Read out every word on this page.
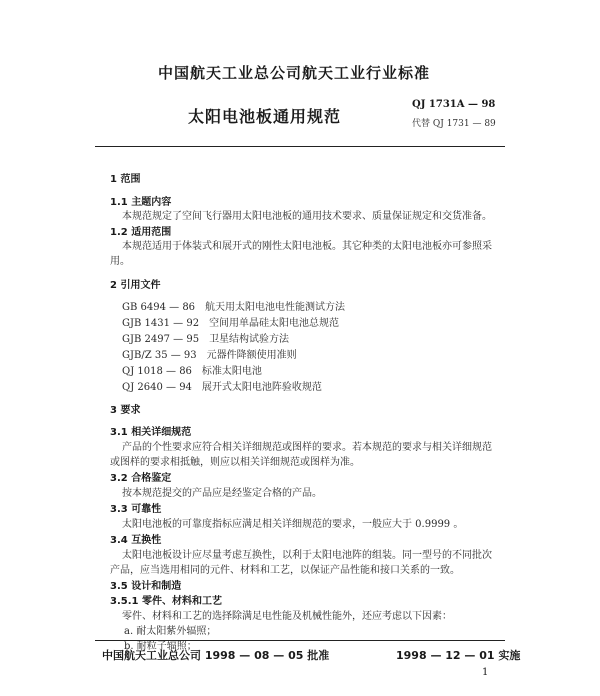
中国航天工业总公司航天工业行业标准
太阳电池板通用规范
QJ 1731A — 98
代替 QJ 1731 — 89
1 范围
1.1 主题内容
本规范规定了空间飞行器用太阳电池板的通用技术要求、质量保证规定和交货准备。
1.2 适用范围
本规范适用于体装式和展开式的刚性太阳电池板。其它种类的太阳电池板亦可参照采
用。
2 引用文件
GB 6494 — 86  航天用太阳电池电性能测试方法
GJB 1431 — 92  空间用单晶硅太阳电池总规范
GJB 2497 — 95  卫星结构试验方法
GJB/Z 35 — 93  元器件降额使用准则
QJ 1018 — 86  标准太阳电池
QJ 2640 — 94  展开式太阳电池阵验收规范
3 要求
3.1 相关详细规范
产品的个性要求应符合相关详细规范或图样的要求。若本规范的要求与相关详细规范
或图样的要求相抵触，则应以相关详细规范或图样为准。
3.2 合格鉴定
按本规范提交的产品应是经鉴定合格的产品。
3.3 可靠性
太阳电池板的可靠度指标应满足相关详细规范的要求，一般应大于 0.9999 。
3.4 互换性
太阳电池板设计应尽量考虑互换性，以利于太阳电池阵的组装。同一型号的不同批次
产品，应当选用相同的元件、材料和工艺，以保证产品性能和接口关系的一致。
3.5 设计和制造
3.5.1 零件、材料和工艺
零件、材料和工艺的选择除满足电性能及机械性能外，还应考虑以下因素：
a. 耐太阳紫外辐照；
b. 耐粒子辐照；
中国航天工业总公司 1998 — 08 — 05 批准	1998 — 12 — 01 实施
1
